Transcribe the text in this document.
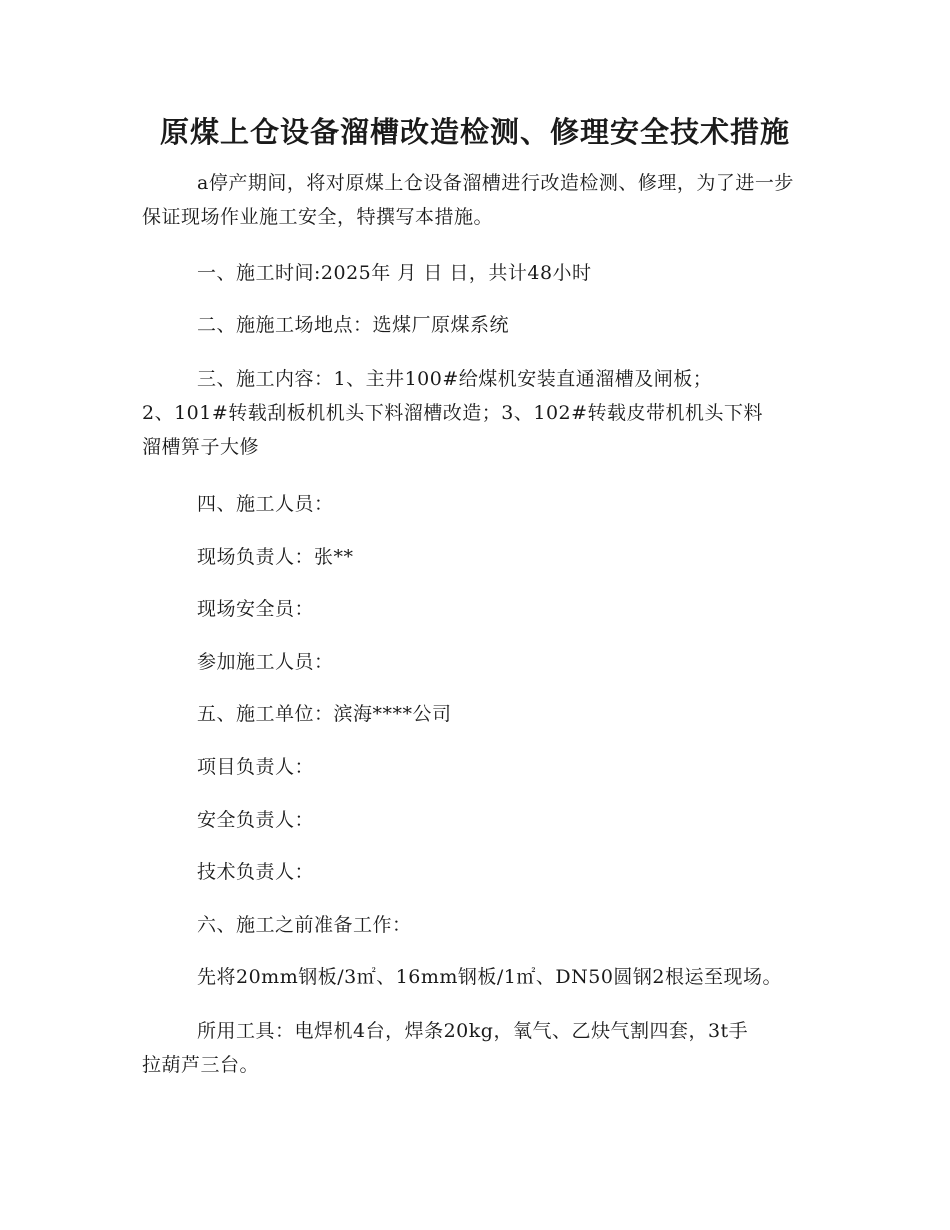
原煤上仓设备溜槽改造检测、修理安全技术措施

a停产期间，将对原煤上仓设备溜槽进行改造检测、修理，为了进一步保证现场作业施工安全，特撰写本措施。

一、施工时间:2025年 月 日 日，共计48小时

二、施施工场地点：选煤厂原煤系统

三、施工内容：1、主井100#给煤机安装直通溜槽及闸板；
2、101#转载刮板机机头下料溜槽改造；3、102#转载皮带机机头下料
溜槽箅子大修

四、施工人员：

现场负责人：张**

现场安全员：

参加施工人员：

五、施工单位：滨海****公司

项目负责人：

安全负责人：

技术负责人：

六、施工之前准备工作：

先将20mm钢板/3㎡、16mm钢板/1㎡、DN50圆钢2根运至现场。

所用工具：电焊机4台，焊条20kg，氧气、乙炔气割四套，3t手
拉葫芦三台。
